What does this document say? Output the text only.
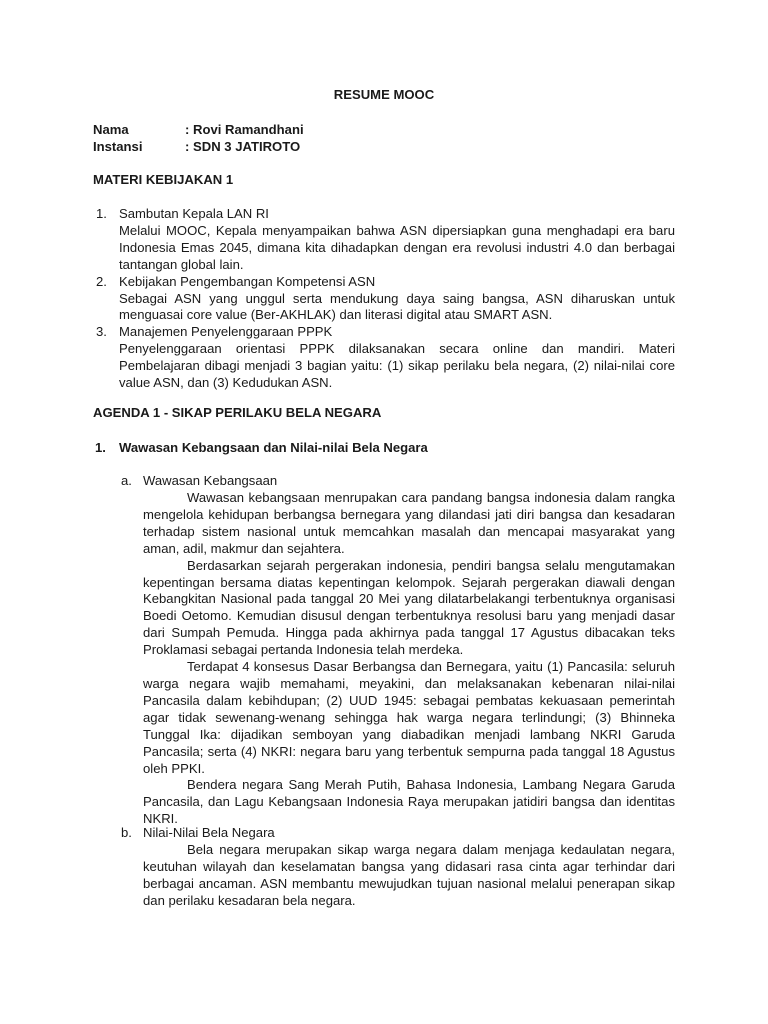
RESUME MOOC
Nama	: Rovi Ramandhani
Instansi	: SDN 3 JATIROTO
MATERI KEBIJAKAN 1
1. Sambutan Kepala LAN RI
Melalui MOOC, Kepala menyampaikan bahwa ASN dipersiapkan guna menghadapi era baru Indonesia Emas 2045, dimana kita dihadapkan dengan era revolusi industri 4.0 dan berbagai tantangan global lain.
2. Kebijakan Pengembangan Kompetensi ASN
Sebagai ASN yang unggul serta mendukung daya saing bangsa, ASN diharuskan untuk menguasai core value (Ber-AKHLAK) dan literasi digital atau SMART ASN.
3. Manajemen Penyelenggaraan PPPK
Penyelenggaraan orientasi PPPK dilaksanakan secara online dan mandiri. Materi Pembelajaran dibagi menjadi 3 bagian yaitu: (1) sikap perilaku bela negara, (2) nilai-nilai core value ASN, dan (3) Kedudukan ASN.
AGENDA 1 - SIKAP PERILAKU BELA NEGARA
1. Wawasan Kebangsaan dan Nilai-nilai Bela Negara
a. Wawasan Kebangsaan
Wawasan kebangsaan menrupakan cara pandang bangsa indonesia dalam rangka mengelola kehidupan berbangsa bernegara yang dilandasi jati diri bangsa dan kesadaran terhadap sistem nasional untuk memcahkan masalah dan mencapai masyarakat yang aman, adil, makmur dan sejahtera.
Berdasarkan sejarah pergerakan indonesia, pendiri bangsa selalu mengutamakan kepentingan bersama diatas kepentingan kelompok. Sejarah pergerakan diawali dengan Kebangkitan Nasional pada tanggal 20 Mei yang dilatarbelakangi terbentuknya organisasi Boedi Oetomo. Kemudian disusul dengan terbentuknya resolusi baru yang menjadi dasar dari Sumpah Pemuda. Hingga pada akhirnya pada tanggal 17 Agustus dibacakan teks Proklamasi sebagai pertanda Indonesia telah merdeka.
Terdapat 4 konsesus Dasar Berbangsa dan Bernegara, yaitu (1) Pancasila: seluruh warga negara wajib memahami, meyakini, dan melaksanakan kebenaran nilai-nilai Pancasila dalam kebihdupan; (2) UUD 1945: sebagai pembatas kekuasaan pemerintah agar tidak sewenang-wenang sehingga hak warga negara terlindungi; (3) Bhinneka Tunggal Ika: dijadikan semboyan yang diabadikan menjadi lambang NKRI Garuda Pancasila; serta (4) NKRI: negara baru yang terbentuk sempurna pada tanggal 18 Agustus oleh PPKI.
Bendera negara Sang Merah Putih, Bahasa Indonesia, Lambang Negara Garuda Pancasila, dan Lagu Kebangsaan Indonesia Raya merupakan jatidiri bangsa dan identitas NKRI.
b. Nilai-Nilai Bela Negara
Bela negara merupakan sikap warga negara dalam menjaga kedaulatan negara, keutuhan wilayah dan keselamatan bangsa yang didasari rasa cinta agar terhindar dari berbagai ancaman. ASN membantu mewujudkan tujuan nasional melalui penerapan sikap dan perilaku kesadaran bela negara.
